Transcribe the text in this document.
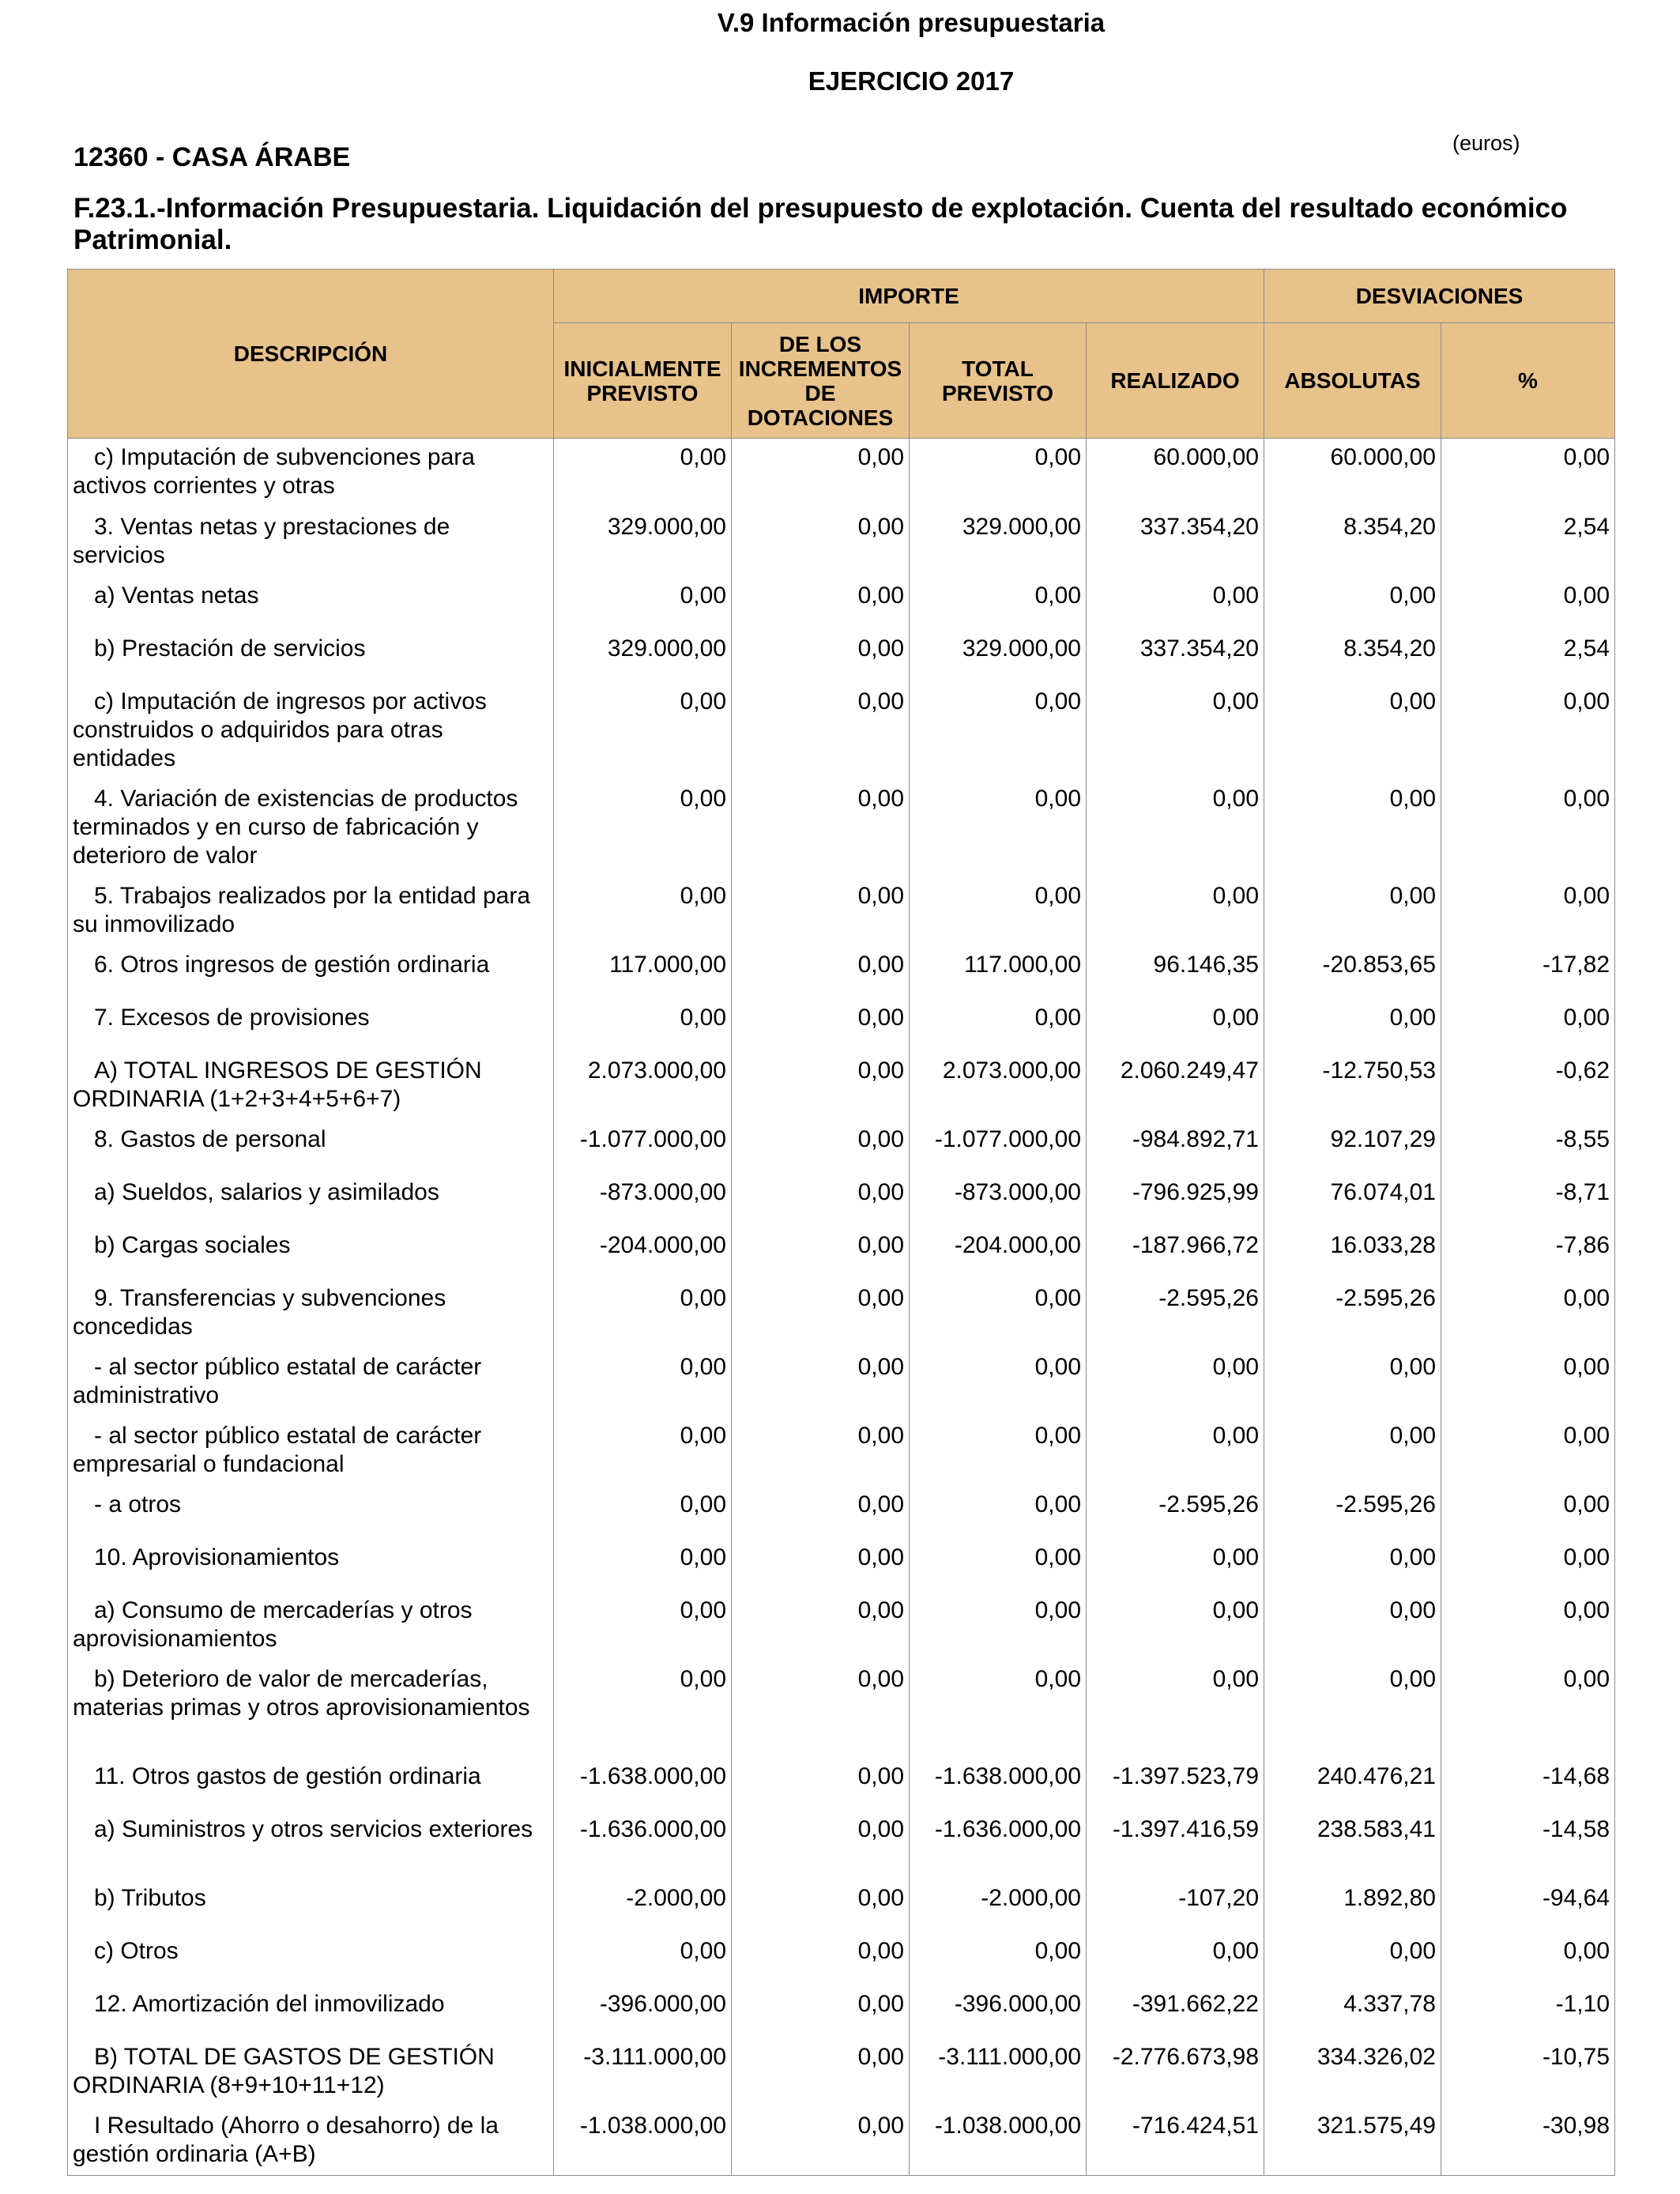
V.9 Información presupuestaria
EJERCICIO 2017
12360 - CASA ÁRABE	(euros)
F.23.1.-Información Presupuestaria. Liquidación del presupuesto de explotación. Cuenta del resultado económico Patrimonial.
DESCRIPCIÓN	IMPORTE				DESVIACIONES	
	INICIALMENTE PREVISTO	DE LOS INCREMENTOS DE DOTACIONES	TOTAL PREVISTO	REALIZADO	ABSOLUTAS	%
c) Imputación de subvenciones para activos corrientes y otras	0,00	0,00	0,00	60.000,00	60.000,00	0,00
3. Ventas netas y prestaciones de servicios	329.000,00	0,00	329.000,00	337.354,20	8.354,20	2,54
a) Ventas netas	0,00	0,00	0,00	0,00	0,00	0,00
b) Prestación de servicios	329.000,00	0,00	329.000,00	337.354,20	8.354,20	2,54
c) Imputación de ingresos por activos construidos o adquiridos para otras entidades	0,00	0,00	0,00	0,00	0,00	0,00
4. Variación de existencias de productos terminados y en curso de fabricación y deterioro de valor	0,00	0,00	0,00	0,00	0,00	0,00
5. Trabajos realizados por la entidad para su inmovilizado	0,00	0,00	0,00	0,00	0,00	0,00
6. Otros ingresos de gestión ordinaria	117.000,00	0,00	117.000,00	96.146,35	-20.853,65	-17,82
7. Excesos de provisiones	0,00	0,00	0,00	0,00	0,00	0,00
A) TOTAL INGRESOS DE GESTIÓN ORDINARIA (1+2+3+4+5+6+7)	2.073.000,00	0,00	2.073.000,00	2.060.249,47	-12.750,53	-0,62
8. Gastos de personal	-1.077.000,00	0,00	-1.077.000,00	-984.892,71	92.107,29	-8,55
a) Sueldos, salarios y asimilados	-873.000,00	0,00	-873.000,00	-796.925,99	76.074,01	-8,71
b) Cargas sociales	-204.000,00	0,00	-204.000,00	-187.966,72	16.033,28	-7,86
9. Transferencias y subvenciones concedidas	0,00	0,00	0,00	-2.595,26	-2.595,26	0,00
- al sector público estatal de carácter administrativo	0,00	0,00	0,00	0,00	0,00	0,00
- al sector público estatal de carácter empresarial o fundacional	0,00	0,00	0,00	0,00	0,00	0,00
- a otros	0,00	0,00	0,00	-2.595,26	-2.595,26	0,00
10. Aprovisionamientos	0,00	0,00	0,00	0,00	0,00	0,00
a) Consumo de mercaderías y otros aprovisionamientos	0,00	0,00	0,00	0,00	0,00	0,00
b) Deterioro de valor de mercaderías, materias primas y otros aprovisionamientos	0,00	0,00	0,00	0,00	0,00	0,00
11. Otros gastos de gestión ordinaria	-1.638.000,00	0,00	-1.638.000,00	-1.397.523,79	240.476,21	-14,68
a) Suministros y otros servicios exteriores	-1.636.000,00	0,00	-1.636.000,00	-1.397.416,59	238.583,41	-14,58
b) Tributos	-2.000,00	0,00	-2.000,00	-107,20	1.892,80	-94,64
c) Otros	0,00	0,00	0,00	0,00	0,00	0,00
12. Amortización del inmovilizado	-396.000,00	0,00	-396.000,00	-391.662,22	4.337,78	-1,10
B) TOTAL DE GASTOS DE GESTIÓN ORDINARIA (8+9+10+11+12)	-3.111.000,00	0,00	-3.111.000,00	-2.776.673,98	334.326,02	-10,75
I Resultado (Ahorro o desahorro) de la gestión ordinaria (A+B)	-1.038.000,00	0,00	-1.038.000,00	-716.424,51	321.575,49	-30,98
